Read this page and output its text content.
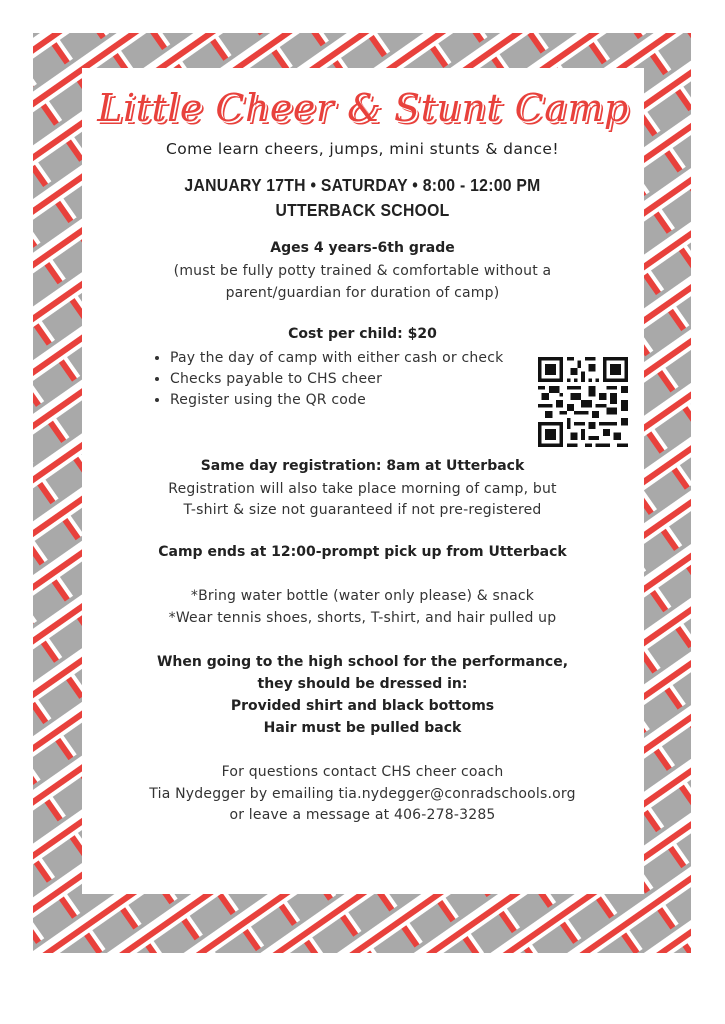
Little Cheer & Stunt Camp
Come learn cheers, jumps, mini stunts & dance!
JANUARY 17TH • SATURDAY • 8:00 - 12:00 PM
UTTERBACK SCHOOL
Ages 4 years-6th grade
(must be fully potty trained & comfortable without a
parent/guardian for duration of camp)
Cost per child: $20
• Pay the day of camp with either cash or check
• Checks payable to CHS cheer
• Register using the QR code
Same day registration: 8am at Utterback
Registration will also take place morning of camp, but
T-shirt & size not guaranteed if not pre-registered
Camp ends at 12:00-prompt pick up from Utterback
*Bring water bottle (water only please) & snack
*Wear tennis shoes, shorts, T-shirt, and hair pulled up
When going to the high school for the performance,
they should be dressed in:
Provided shirt and black bottoms
Hair must be pulled back
For questions contact CHS cheer coach
Tia Nydegger by emailing tia.nydegger@conradschools.org
or leave a message at 406-278-3285
